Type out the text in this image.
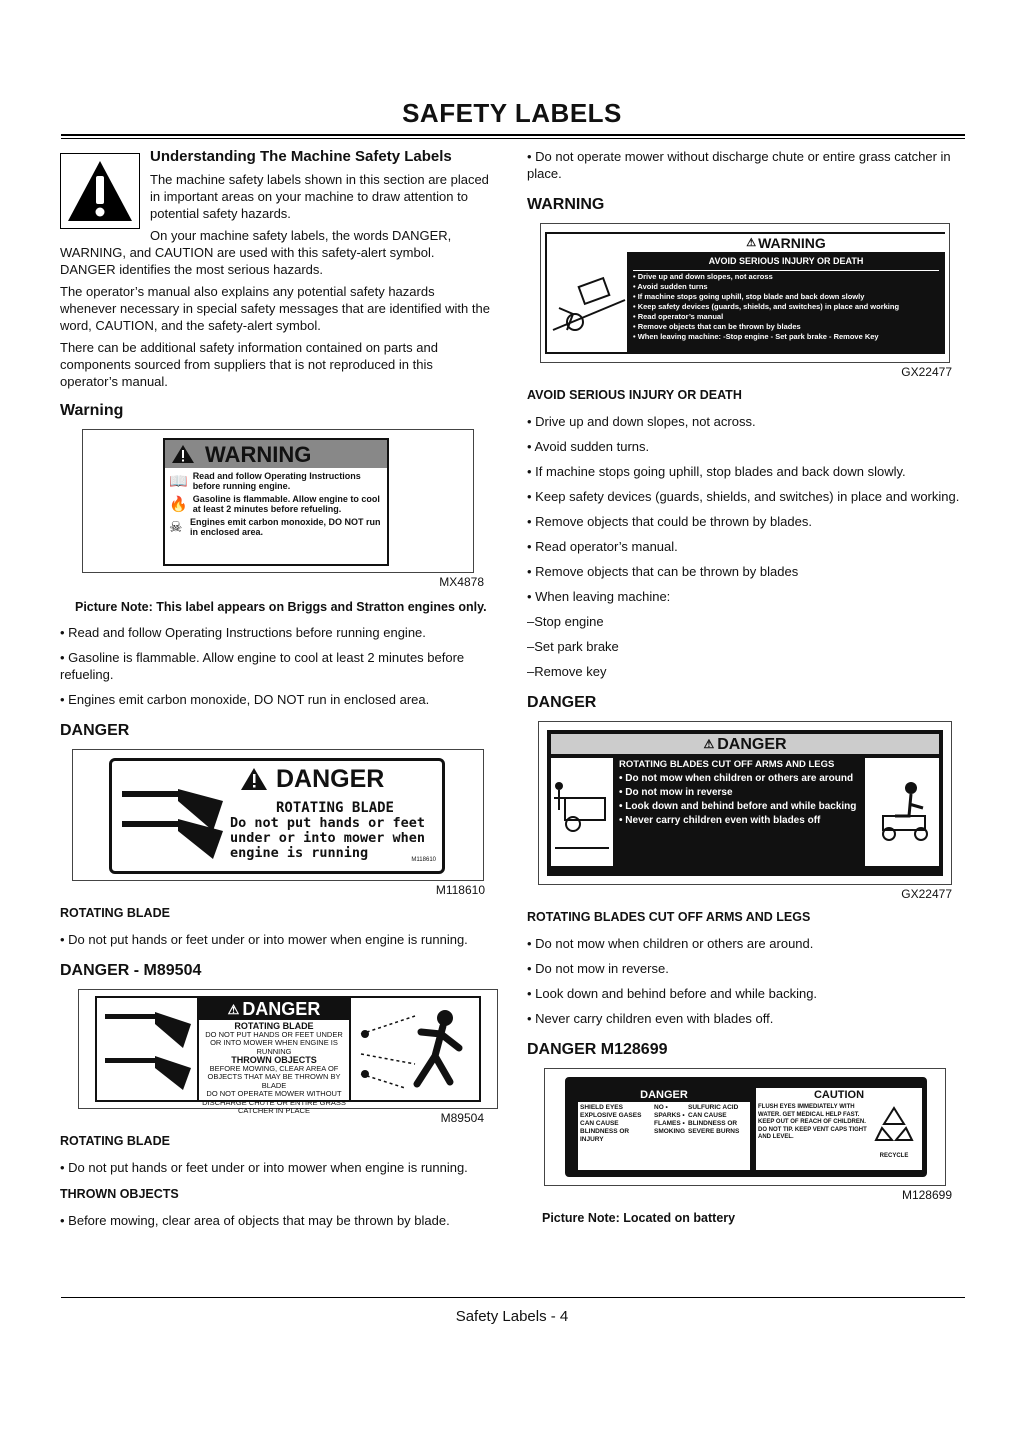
SAFETY LABELS
Understanding The Machine Safety Labels

The machine safety labels shown in this section are placed in important areas on your machine to draw attention to potential safety hazards.

On your machine safety labels, the words DANGER, WARNING, and CAUTION are used with this safety-alert symbol. DANGER identifies the most serious hazards.

The operator’s manual also explains any potential safety hazards whenever necessary in special safety messages that are identified with the word, CAUTION, and the safety-alert symbol.

There can be additional safety information contained on parts and components sourced from suppliers that is not reproduced in this operator’s manual.

Warning
WARNING
📖 Read and follow Operating Instructions before running engine.
🔥 Gasoline is flammable. Allow engine to cool at least 2 minutes before refueling.
☠ Engines emit carbon monoxide, DO NOT run in enclosed area.
MX4878
Picture Note: This label appears on Briggs and Stratton engines only.

• Read and follow Operating Instructions before running engine.

• Gasoline is flammable. Allow engine to cool at least 2 minutes before refueling.

• Engines emit carbon monoxide, DO NOT run in enclosed area.

DANGER
DANGER
ROTATING BLADE
Do not put hands or feet under or into mower when engine is running	M118610
M118610
ROTATING BLADE

• Do not put hands or feet under or into mower when engine is running.

DANGER - M89504
⚠ DANGER
ROTATING BLADE
DO NOT PUT HANDS OR FEET UNDER OR INTO MOWER WHEN ENGINE IS RUNNING
THROWN OBJECTS
BEFORE MOWING, CLEAR AREA OF OBJECTS THAT MAY BE THROWN BY BLADE
DO NOT OPERATE MOWER WITHOUT DISCHARGE CHUTE OR ENTIRE GRASS CATCHER IN PLACE
M89504
ROTATING BLADE

• Do not put hands or feet under or into mower when engine is running.

THROWN OBJECTS

• Before mowing, clear area of objects that may be thrown by blade.

• Do not operate mower without discharge chute or entire grass catcher in place.

WARNING
⚠ WARNING
AVOID SERIOUS INJURY OR DEATH
• Drive up and down slopes, not across
• Avoid sudden turns
• If machine stops going uphill, stop blade and back down slowly
• Keep safety devices (guards, shields, and switches) in place and working
• Read operator’s manual
• Remove objects that can be thrown by blades
• When leaving machine: -Stop engine - Set park brake - Remove Key
GX22477
AVOID SERIOUS INJURY OR DEATH

• Drive up and down slopes, not across.

• Avoid sudden turns.

• If machine stops going uphill, stop blades and back down slowly.

• Keep safety devices (guards, shields, and switches) in place and working.

• Remove objects that could be thrown by blades.

• Read operator’s manual.

• Remove objects that can be thrown by blades

• When leaving machine:

–Stop engine

–Set park brake

–Remove key

DANGER
⚠ DANGER
ROTATING BLADES CUT OFF ARMS AND LEGS
• Do not mow when children or others are around
• Do not mow in reverse
• Look down and behind before and while backing
• Never carry children even with blades off
GX22477
ROTATING BLADES CUT OFF ARMS AND LEGS

• Do not mow when children or others are around.

• Do not mow in reverse.

• Look down and behind before and while backing.

• Never carry children even with blades off.

DANGER M128699
DANGER
SHIELD EYES EXPLOSIVE GASES CAN CAUSE BLINDNESS OR INJURY
NO • SPARKS • FLAMES • SMOKING
SULFURIC ACID CAN CAUSE BLINDNESS OR SEVERE BURNS
CAUTION
FLUSH EYES IMMEDIATELY WITH WATER. GET MEDICAL HELP FAST. KEEP OUT OF REACH OF CHILDREN. DO NOT TIP. KEEP VENT CAPS TIGHT AND LEVEL.
RECYCLE
M128699
Picture Note: Located on battery
Safety Labels - 4
